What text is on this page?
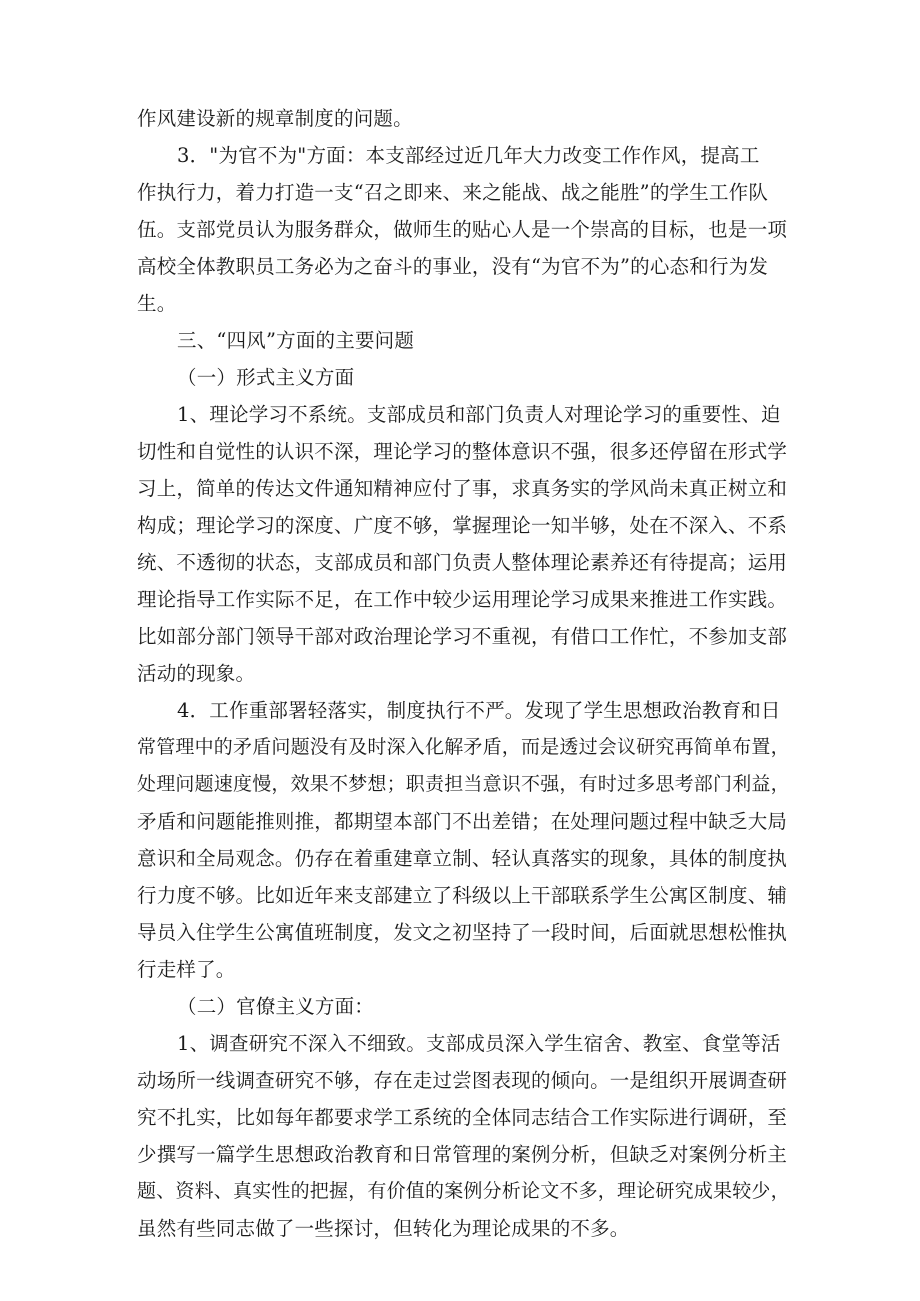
作风建设新的规章制度的问题。
3．"为官不为"方面：本支部经过近几年大力改变工作作风，提高工
作执行力，着力打造一支“召之即来、来之能战、战之能胜”的学生工作队
伍。支部党员认为服务群众，做师生的贴心人是一个崇高的目标，也是一项
高校全体教职员工务必为之奋斗的事业，没有“为官不为”的心态和行为发
生。
三、“四风”方面的主要问题
（一）形式主义方面
1、理论学习不系统。支部成员和部门负责人对理论学习的重要性、迫
切性和自觉性的认识不深，理论学习的整体意识不强，很多还停留在形式学
习上，简单的传达文件通知精神应付了事，求真务实的学风尚未真正树立和
构成；理论学习的深度、广度不够，掌握理论一知半够，处在不深入、不系
统、不透彻的状态，支部成员和部门负责人整体理论素养还有待提高；运用
理论指导工作实际不足，在工作中较少运用理论学习成果来推进工作实践。
比如部分部门领导干部对政治理论学习不重视，有借口工作忙，不参加支部
活动的现象。
4．工作重部署轻落实，制度执行不严。发现了学生思想政治教育和日
常管理中的矛盾问题没有及时深入化解矛盾，而是透过会议研究再简单布置，
处理问题速度慢，效果不梦想；职责担当意识不强，有时过多思考部门利益，
矛盾和问题能推则推，都期望本部门不出差错；在处理问题过程中缺乏大局
意识和全局观念。仍存在着重建章立制、轻认真落实的现象，具体的制度执
行力度不够。比如近年来支部建立了科级以上干部联系学生公寓区制度、辅
导员入住学生公寓值班制度，发文之初坚持了一段时间，后面就思想松惟执
行走样了。
（二）官僚主义方面：
1、调查研究不深入不细致。支部成员深入学生宿舍、教室、食堂等活
动场所一线调查研究不够，存在走过尝图表现的倾向。一是组织开展调查研
究不扎实，比如每年都要求学工系统的全体同志结合工作实际进行调研，至
少撰写一篇学生思想政治教育和日常管理的案例分析，但缺乏对案例分析主
题、资料、真实性的把握，有价值的案例分析论文不多，理论研究成果较少，
虽然有些同志做了一些探讨，但转化为理论成果的不多。
